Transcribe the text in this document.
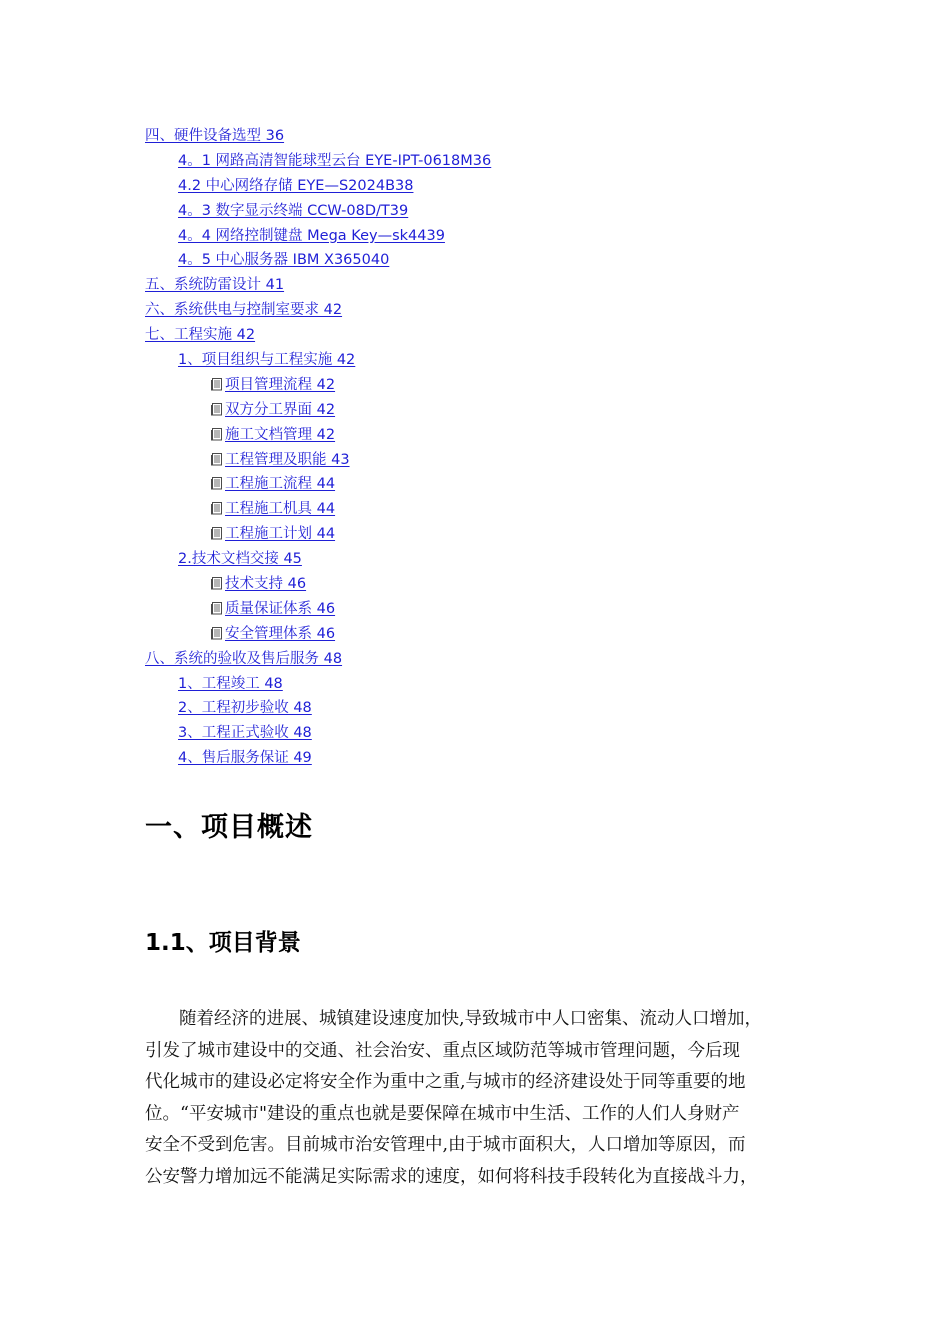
四、硬件设备选型 36
4。1 网路高清智能球型云台 EYE-IPT-0618M36
4.2 中心网络存储 EYE—S2024B38
4。3 数字显示终端 CCW-08D/T39
4。4 网络控制键盘 Mega Key—sk4439
4。5 中心服务器 IBM X365040
五、系统防雷设计 41
六、系统供电与控制室要求 42
七、工程实施 42
1、项目组织与工程实施 42
项目管理流程 42
双方分工界面 42
施工文档管理 42
工程管理及职能 43
工程施工流程 44
工程施工机具 44
工程施工计划 44
2.技术文档交接 45
技术支持 46
质量保证体系 46
安全管理体系 46
八、系统的验收及售后服务 48
1、工程竣工 48
2、工程初步验收 48
3、工程正式验收 48
4、售后服务保证 49
一、项目概述
1.1、项目背景

随着经济的进展、城镇建设速度加快,导致城市中人口密集、流动人口增加，
引发了城市建设中的交通、社会治安、重点区域防范等城市管理问题，今后现
代化城市的建设必定将安全作为重中之重,与城市的经济建设处于同等重要的地
位。“平安城市"建设的重点也就是要保障在城市中生活、工作的人们人身财产
安全不受到危害。目前城市治安管理中,由于城市面积大，人口增加等原因，而
公安警力增加远不能满足实际需求的速度，如何将科技手段转化为直接战斗力，
